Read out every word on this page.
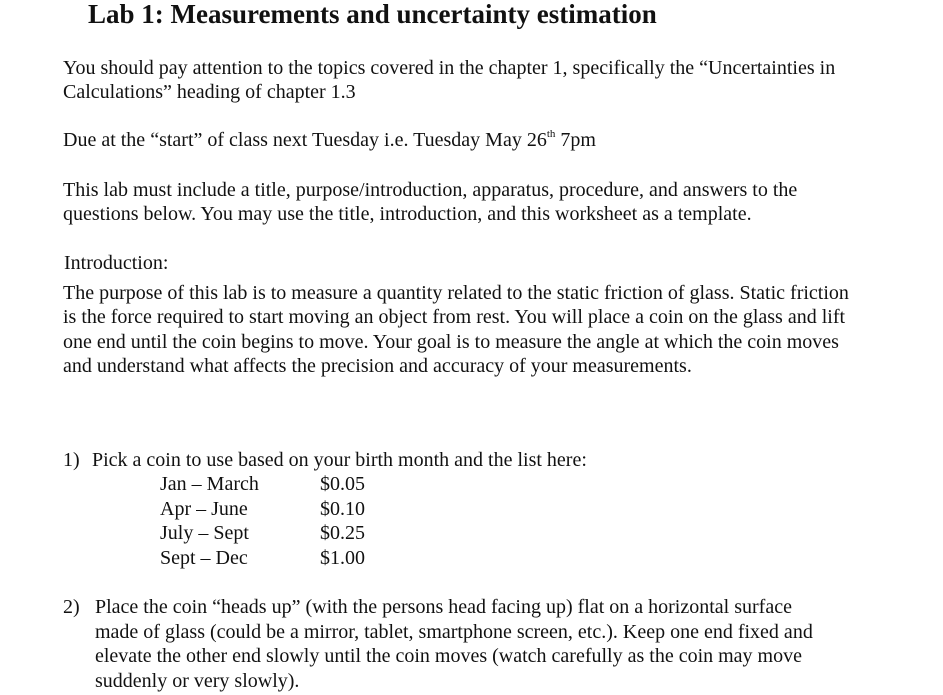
Lab 1: Measurements and uncertainty estimation

You should pay attention to the topics covered in the chapter 1, specifically the “Uncertainties in Calculations” heading of chapter 1.3

Due at the “start” of class next Tuesday i.e. Tuesday May 26th 7pm

This lab must include a title, purpose/introduction, apparatus, procedure, and answers to the questions below. You may use the title, introduction, and this worksheet as a template.

Introduction:

The purpose of this lab is to measure a quantity related to the static friction of glass. Static friction is the force required to start moving an object from rest. You will place a coin on the glass and lift one end until the coin begins to move. Your goal is to measure the angle at which the coin moves and understand what affects the precision and accuracy of your measurements.

1) Pick a coin to use based on your birth month and the list here:
Jan – March	$0.05
Apr – June	$0.10
July – Sept	$0.25
Sept – Dec	$1.00
2) Place the coin “heads up” (with the persons head facing up) flat on a horizontal surface made of glass (could be a mirror, tablet, smartphone screen, etc.). Keep one end fixed and elevate the other end slowly until the coin moves (watch carefully as the coin may move suddenly or very slowly).
